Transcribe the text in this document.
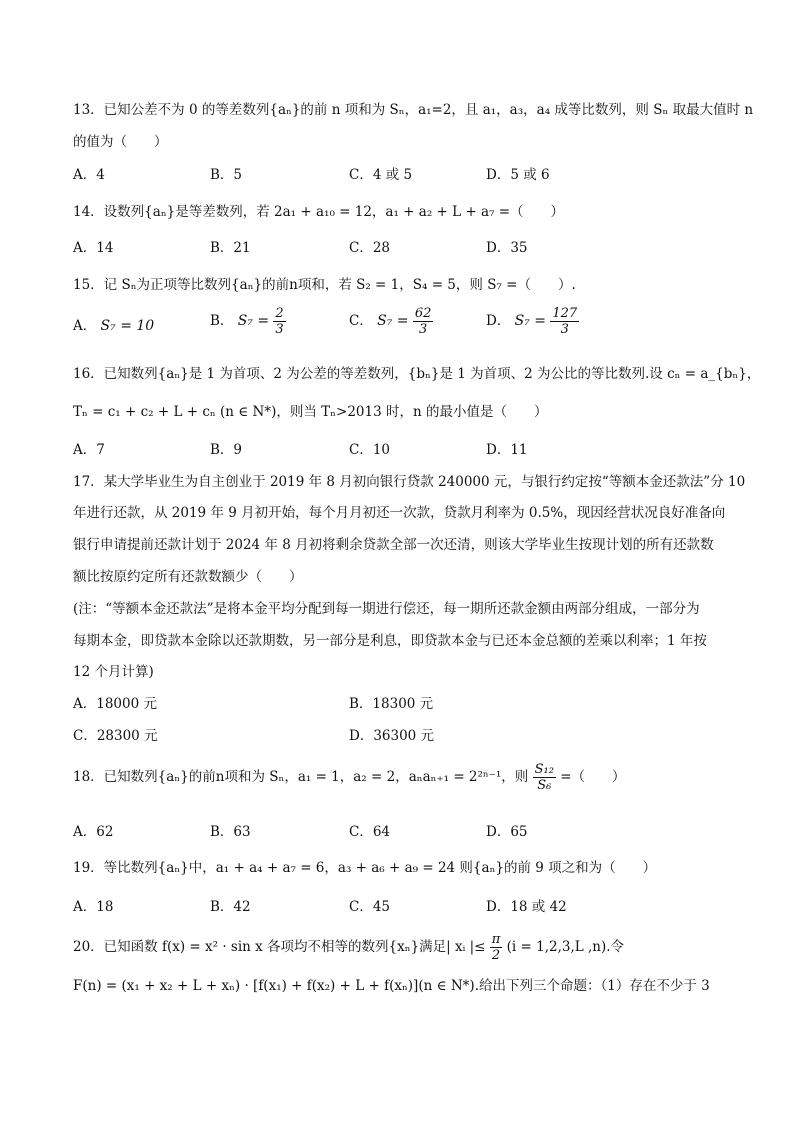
13．已知公差不为 0 的等差数列{aₙ}的前 n 项和为 Sₙ，a₁=2，且 a₁，a₃，a₄ 成等比数列，则 Sₙ 取最大值时 n
的值为（　　）
A．4	B．5	C．4 或 5	D．5 或 6
14．设数列{aₙ}是等差数列，若 2a₁ + a₁₀ = 12，a₁ + a₂ + L + a₇ =（　　）
A．14	B．21	C．28	D．35
15．记 Sₙ为正项等比数列{aₙ}的前n项和，若 S₂ = 1，S₄ = 5，则 S₇ =（　　）.
A． S₇ = 10	B． $S_7 = \frac{2}{3}$	C． $S_7 = \frac{62}{3}$	D． $S_7 = \frac{127}{3}$
16．已知数列{aₙ}是 1 为首项、2 为公差的等差数列，{bₙ}是 1 为首项、2 为公比的等比数列.设 cₙ = a_{bₙ}，
Tₙ = c₁ + c₂ + L + cₙ (n ∈ N*)，则当 Tₙ>2013 时，n 的最小值是（　　）
A．7	B．9	C．10	D．11
17．某大学毕业生为自主创业于 2019 年 8 月初向银行贷款 240000 元，与银行约定按“等额本金还款法”分 10
年进行还款，从 2019 年 9 月初开始，每个月月初还一次款，贷款月利率为 0.5%，现因经营状况良好准备向
银行申请提前还款计划于 2024 年 8 月初将剩余贷款全部一次还清，则该大学毕业生按现计划的所有还款数
额比按原约定所有还款数额少（　　）
(注：“等额本金还款法”是将本金平均分配到每一期进行偿还，每一期所还款金额由两部分组成，一部分为
每期本金，即贷款本金除以还款期数，另一部分是利息，即贷款本金与已还本金总额的差乘以利率；1 年按
12 个月计算)
A．18000 元	B．18300 元
C．28300 元	D．36300 元
18．已知数列{aₙ}的前n项和为 Sₙ，a₁ = 1，a₂ = 2，aₙaₙ₊₁ = 2²ⁿ⁻¹，则 $\frac{\text{S₁₂}}{\text{S₆}}$ =（　　）
A．62	B．63	C．64	D．65
19．等比数列{aₙ}中，a₁ + a₄ + a₇ = 6，a₃ + a₆ + a₉ = 24 则{aₙ}的前 9 项之和为（　　）
A．18	B．42	C．45	D．18 或 42
20．已知函数 f(x) = x² · sin x 各项均不相等的数列{xₙ}满足| xᵢ |≤ $\frac{\pi}{2} (i = 1,2,3,L$ ,n).令
F(n) = (x₁ + x₂ + L + xₙ) · [f(x₁) + f(x₂) + L + f(xₙ)](n ∈ N*).给出下列三个命题：（1）存在不少于 3
